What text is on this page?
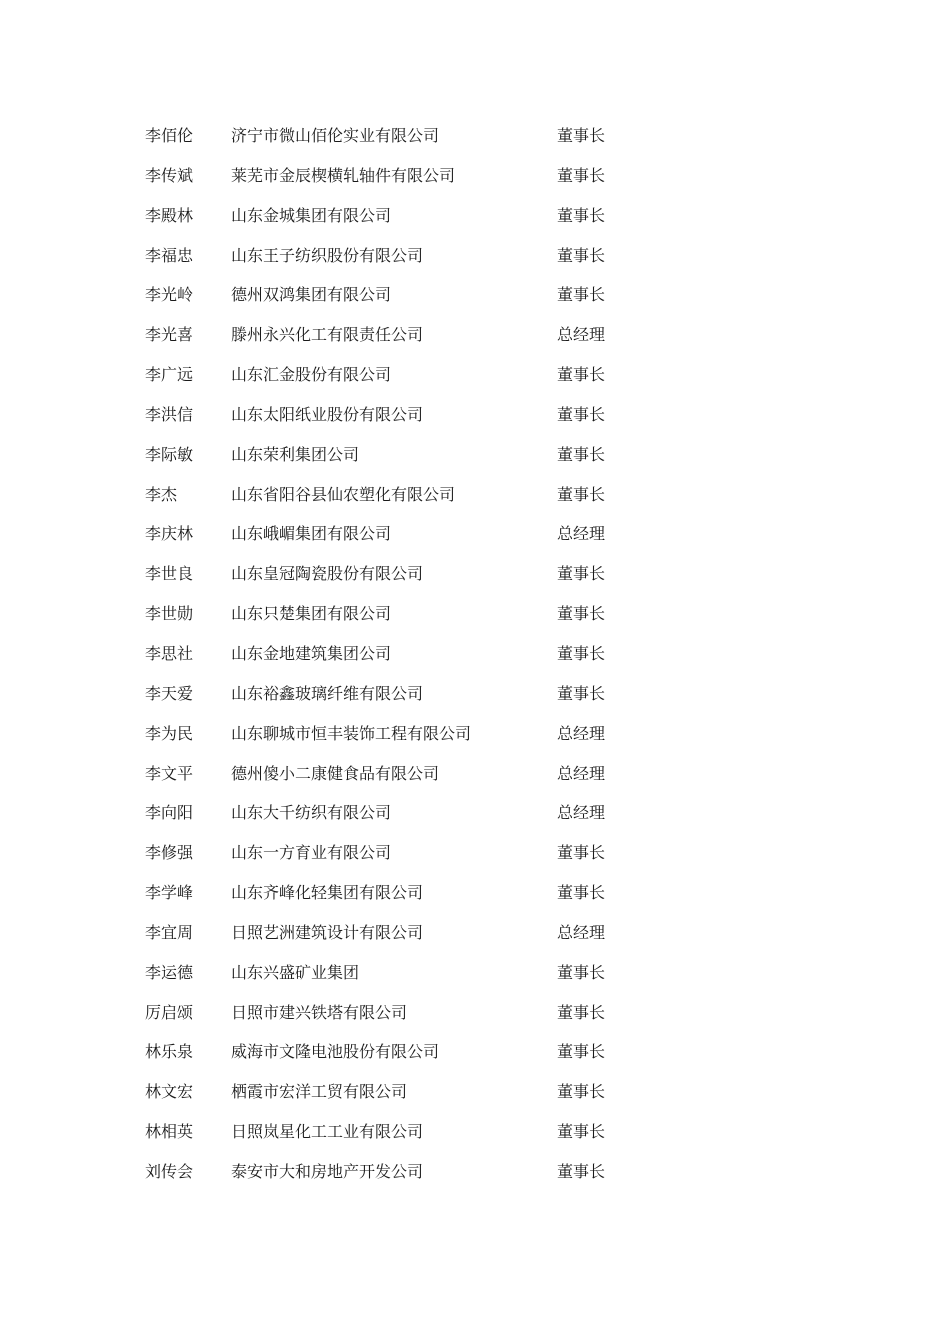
李佰伦 济宁市微山佰伦实业有限公司	董事长
李传斌 莱芜市金辰楔横轧轴件有限公司	董事长
李殿林 山东金城集团有限公司	董事长
李福忠 山东王子纺织股份有限公司	董事长
李光岭 德州双鸿集团有限公司	董事长
李光喜 滕州永兴化工有限责任公司	总经理
李广远 山东汇金股份有限公司	董事长
李洪信 山东太阳纸业股份有限公司	董事长
李际敏 山东荣利集团公司	董事长
李杰	山东省阳谷县仙农塑化有限公司	董事长
李庆林 山东峨嵋集团有限公司	总经理
李世良 山东皇冠陶瓷股份有限公司	董事长
李世勋 山东只楚集团有限公司	董事长
李思社 山东金地建筑集团公司	董事长
李天爱 山东裕鑫玻璃纤维有限公司	董事长
李为民 山东聊城市恒丰装饰工程有限公司	总经理
李文平 德州傻小二康健食品有限公司	总经理
李向阳 山东大千纺织有限公司	总经理
李修强 山东一方育业有限公司	董事长
李学峰 山东齐峰化轻集团有限公司	董事长
李宜周 日照艺洲建筑设计有限公司	总经理
李运德 山东兴盛矿业集团	董事长
厉启颂 日照市建兴铁塔有限公司	董事长
林乐泉 威海市文隆电池股份有限公司	董事长
林文宏 栖霞市宏洋工贸有限公司	董事长
林相英 日照岚星化工工业有限公司	董事长
刘传会 泰安市大和房地产开发公司	董事长
